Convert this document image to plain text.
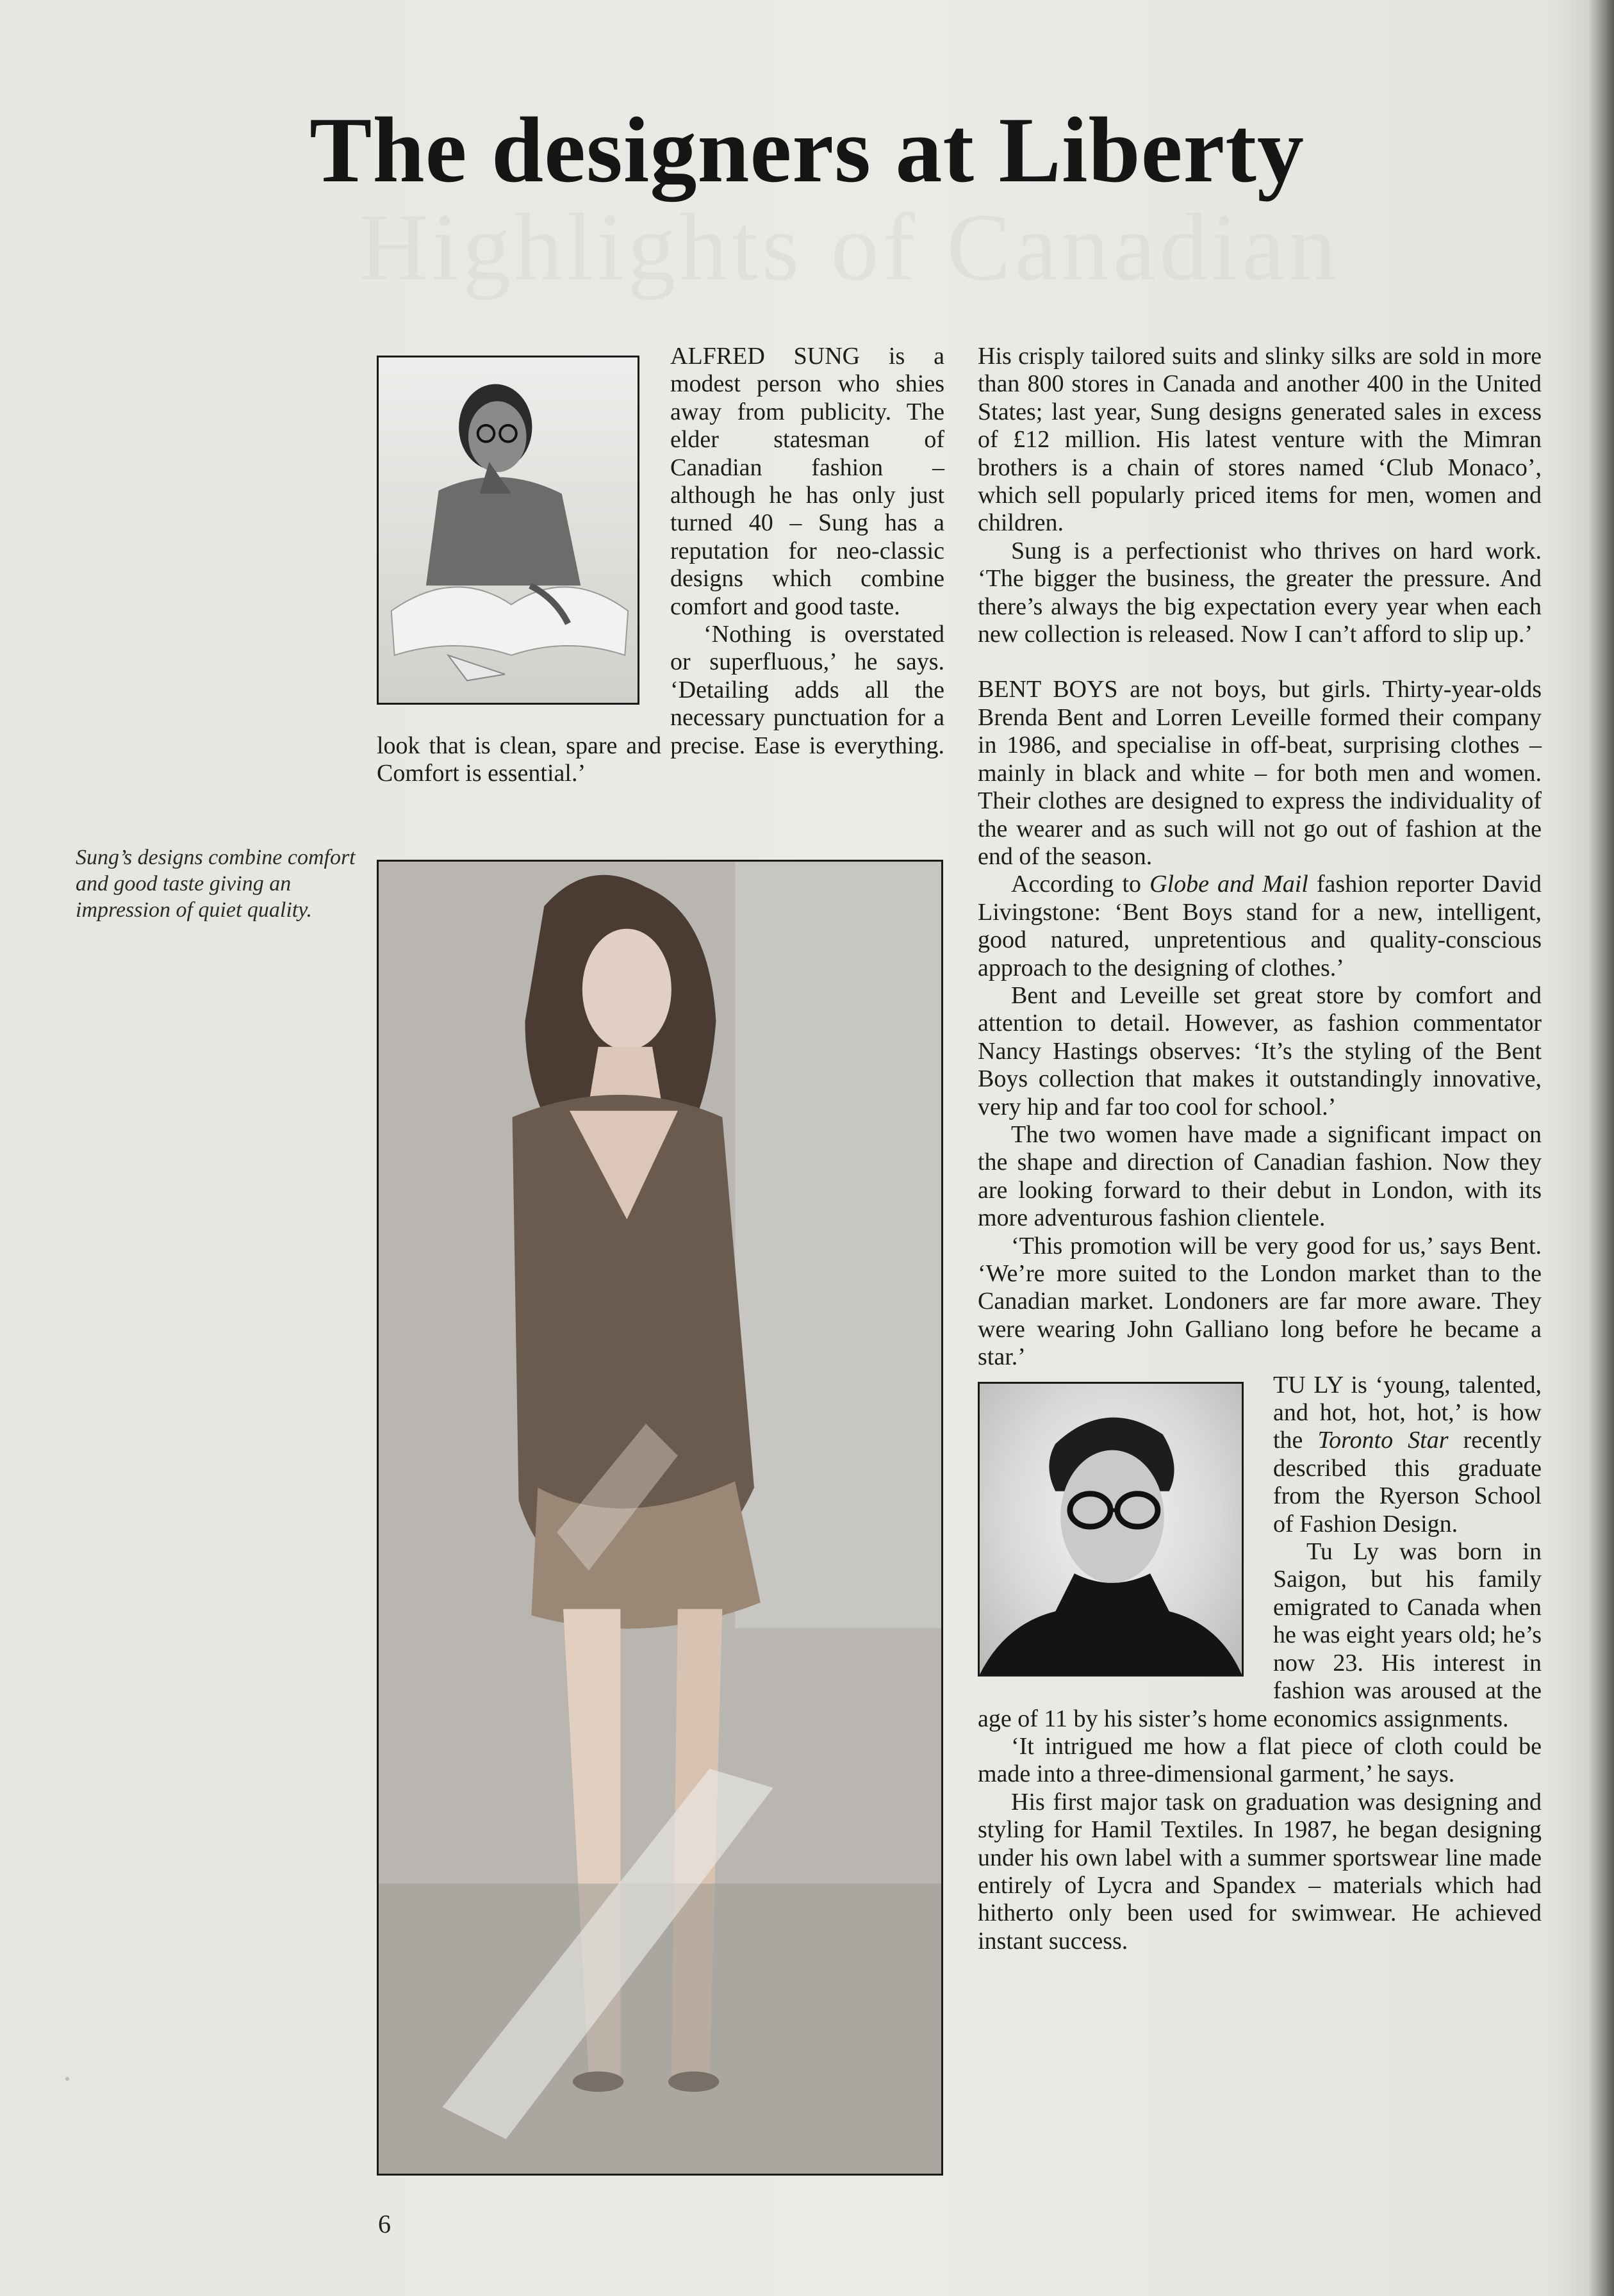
Highlights of Canadian
The designers at Liberty

Sung’s designs combine comfort and good taste giving an impression of quiet quality.

ALFRED SUNG is a modest person who shies away from publicity. The elder statesman of Canadian fashion – although he has only just turned 40 – Sung has a reputation for neo-classic designs which combine comfort and good taste.

‘Nothing is overstated or superfluous,’ he says. ‘Detailing adds all the necessary punctuation for a look that is clean, spare and precise. Ease is everything. Comfort is essential.’

His crisply tailored suits and slinky silks are sold in more than 800 stores in Canada and another 400 in the United States; last year, Sung designs generated sales in excess of £12 million. His latest venture with the Mimran brothers is a chain of stores named ‘Club Monaco’, which sell popularly priced items for men, women and children.

Sung is a perfectionist who thrives on hard work. ‘The bigger the business, the greater the pressure. And there’s always the big expectation every year when each new collection is released. Now I can’t afford to slip up.’

BENT BOYS are not boys, but girls. Thirty-year-olds Brenda Bent and Lorren Leveille formed their company in 1986, and specialise in off-beat, surprising clothes – mainly in black and white – for both men and women. Their clothes are designed to express the individuality of the wearer and as such will not go out of fashion at the end of the season.

According to Globe and Mail fashion reporter David Livingstone: ‘Bent Boys stand for a new, intelligent, good natured, unpretentious and quality-conscious approach to the designing of clothes.’

Bent and Leveille set great store by comfort and attention to detail. However, as fashion commentator Nancy Hastings observes: ‘It’s the styling of the Bent Boys collection that makes it outstandingly innovative, very hip and far too cool for school.’

The two women have made a significant impact on the shape and direction of Canadian fashion. Now they are looking forward to their debut in London, with its more adventurous fashion clientele.

‘This promotion will be very good for us,’ says Bent. ‘We’re more suited to the London market than to the Canadian market. Londoners are far more aware. They were wearing John Galliano long before he became a star.’

TU LY is ‘young, talented, and hot, hot, hot,’ is how the Toronto Star recently described this graduate from the Ryerson School of Fashion Design.

Tu Ly was born in Saigon, but his family emigrated to Canada when he was eight years old; he’s now 23. His interest in fashion was aroused at the age of 11 by his sister’s home economics assignments.

‘It intrigued me how a flat piece of cloth could be made into a three-dimensional garment,’ he says.

His first major task on graduation was designing and styling for Hamil Textiles. In 1987, he began designing under his own label with a summer sportswear line made entirely of Lycra and Spandex – materials which had hitherto only been used for swimwear. He achieved instant success.

6
